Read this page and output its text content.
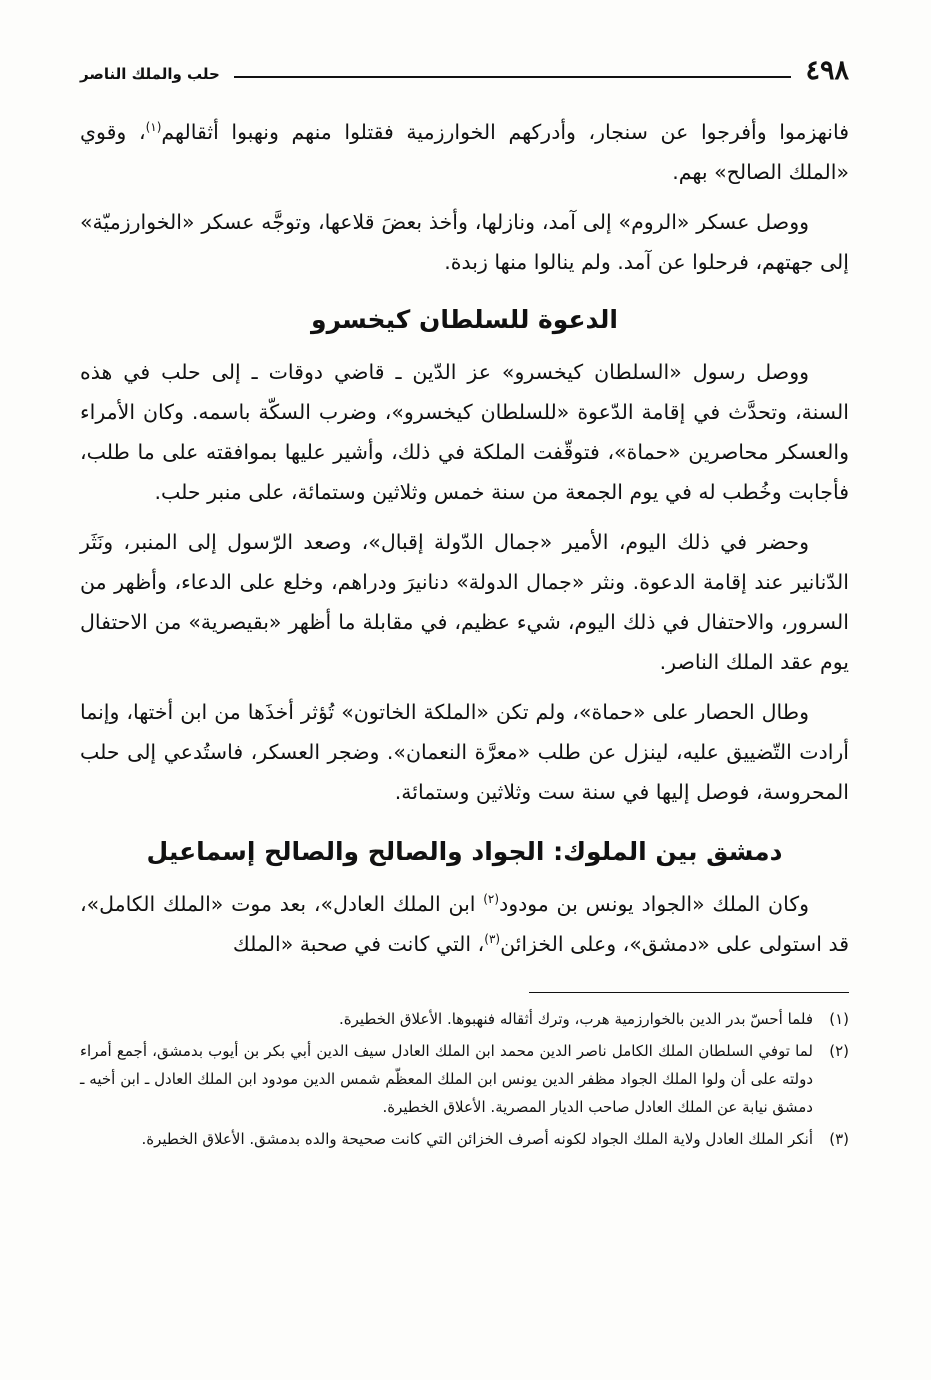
٤٩٨
حلب والملك الناصر

فانهزموا وأفرجوا عن سنجار، وأدركهم الخوارزمية فقتلوا منهم ونهبوا أثقالهم$^{(١)}$، وقوي «الملك الصالح» بهم.

ووصل عسكر «الروم» إلى آمد، ونازلها، وأخذ بعضَ قلاعها، وتوجَّه عسكر «الخوارزميّة» إلى جهتهم، فرحلوا عن آمد. ولم ينالوا منها زبدة.

الدعوة للسلطان كيخسرو

ووصل رسول «السلطان كيخسرو» عز الدّين ـ قاضي دوقات ـ إلى حلب في هذه السنة، وتحدَّث في إقامة الدّعوة «للسلطان كيخسرو»، وضرب السكّة باسمه. وكان الأمراء والعسكر محاصرين «حماة»، فتوقّفت الملكة في ذلك، وأشير عليها بموافقته على ما طلب، فأجابت وخُطب له في يوم الجمعة من سنة خمس وثلاثين وستمائة، على منبر حلب.

وحضر في ذلك اليوم، الأمير «جمال الدّولة إقبال»، وصعد الرّسول إلى المنبر، ونَثَر الدّنانير عند إقامة الدعوة. ونثر «جمال الدولة» دنانيرَ ودراهم، وخلع على الدعاء، وأظهر من السرور، والاحتفال في ذلك اليوم، شيء عظيم، في مقابلة ما أظهر «بقيصرية» من الاحتفال يوم عقد الملك الناصر.

وطال الحصار على «حماة»، ولم تكن «الملكة الخاتون» تُؤثر أخذَها من ابن أختها، وإنما أرادت التّضييق عليه، لينزل عن طلب «معرَّة النعمان». وضجر العسكر، فاستُدعي إلى حلب المحروسة، فوصل إليها في سنة ست وثلاثين وستمائة.

دمشق بين الملوك: الجواد والصالح والصالح إسماعيل

وكان الملك «الجواد يونس بن مودود$^{(٢)}$ ابن الملك العادل»، بعد موت «الملك الكامل»، قد استولى على «دمشق»، وعلى الخزائن$^{(٣)}$، التي كانت في صحبة «الملك

(١)
فلما أحسّ بدر الدين بالخوارزمية هرب، وترك أثقاله فنهبوها. الأعلاق الخطيرة.
(٢)
لما توفي السلطان الملك الكامل ناصر الدين محمد ابن الملك العادل سيف الدين أبي بكر بن أيوب بدمشق، أجمع أمراء دولته على أن ولوا الملك الجواد مظفر الدين يونس ابن الملك المعظّم شمس الدين مودود ابن الملك العادل ـ ابن أخيه ـ دمشق نيابة عن الملك العادل صاحب الديار المصرية. الأعلاق الخطيرة.
(٣)
أنكر الملك العادل ولاية الملك الجواد لكونه أصرف الخزائن التي كانت صحيحة والده بدمشق. الأعلاق الخطيرة.
